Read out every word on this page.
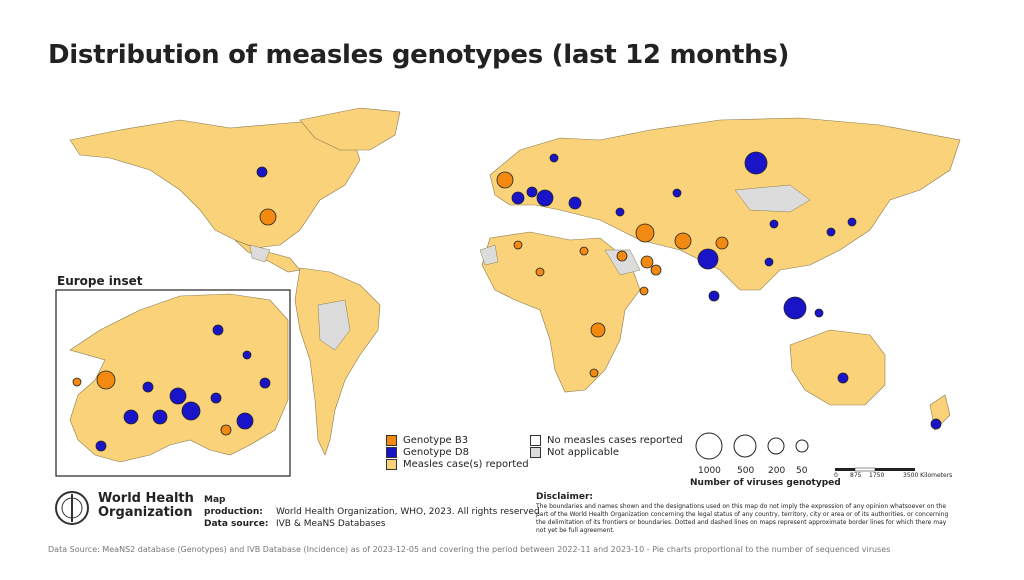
Distribution of measles genotypes (last 12 months)
Europe inset
Genotype B3
Genotype D8
Measles case(s) reported
No measles cases reported
Not applicable
1000 500 200 50
Number of viruses genotyped
0 875 1750	3500 Kilometers
World Health
Organization
Map production: World Health Organization, WHO, 2023. All rights reserved
Data source: IVB & MeaNS Databases
Disclaimer:
The boundaries and names shown and the designations used on this map do not imply the expression of any opinion whatsoever on the part of the World Health Organization concerning the legal status of any country, territory, city or area or of its authorities, or concerning the delimitation of its frontiers or boundaries. Dotted and dashed lines on maps represent approximate border lines for which there may not yet be full agreement.
Data Source: MeaNS2 database (Genotypes) and IVB Database (Incidence) as of 2023-12-05 and covering the period between 2022-11 and 2023-10 - Pie charts proportional to the number of sequenced viruses
